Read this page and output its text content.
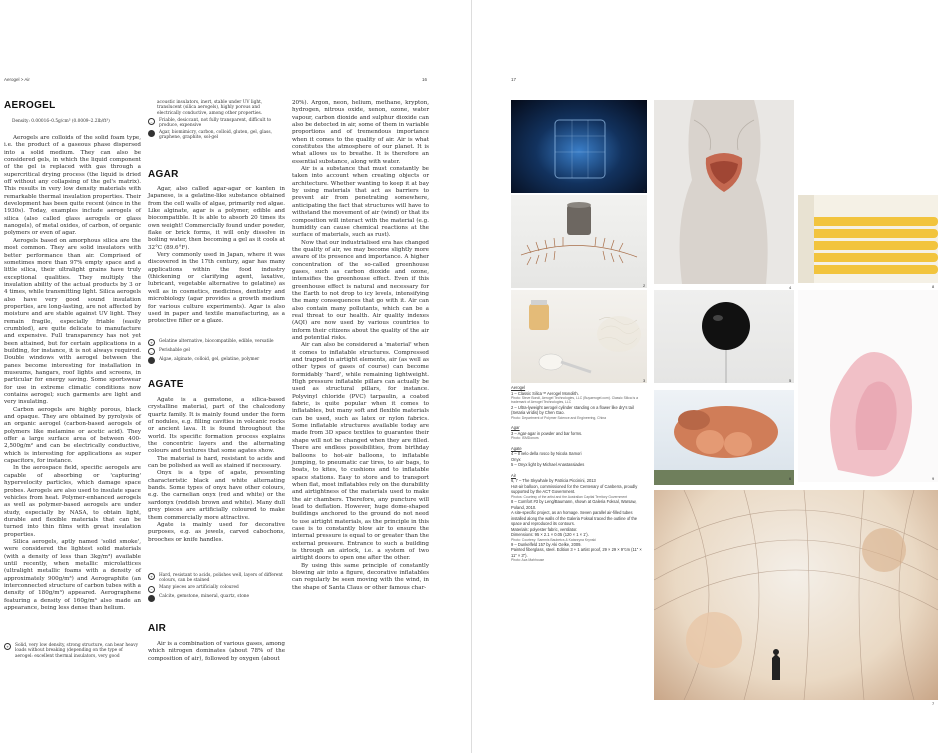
Aerogel > Air	16	17
AEROGEL
Density: 0.00016–0.5g/cm³ (0.0009–2.2lb/ft³)

Aerogels are colloids of the solid foam type, i.e. the product of a gaseous phase dispersed into a solid medium. They can also be considered gels, in which the liquid component of the gel is replaced with gas through a supercritical drying process (the liquid is dried off without any collapsing of the gel's matrix). This results in very low density materials with remarkable thermal insulation properties. Their development has been quite recent (since in the 1930s). Today, examples include aerogels of silica (also called glass aerogels or glass nanogels), of metal oxides, of carbon, of organic polymers or even of agar.

Aerogels based on amorphous silica are the most common. They are solid insulators with better performance than air. Comprised of sometimes more than 97% empty space and a little silica, their ultralight grains have truly exceptional qualities. They multiply the insulation ability of the actual products by 3 or 4 times, while transmitting light. Silica aerogels also have very good sound insulation properties, are long-lasting, are not affected by moisture and are stable against UV light. They remain fragile, especially friable (easily crumbled), are quite delicate to manufacture and expensive. Full transparency has not yet been attained, but for certain applications in a building, for instance, it is not always required. Double windows with aerogel between the panes become interesting for installation in museums, hangars, roof lights and screens, in particular for energy saving. Some sportswear for use in extreme climatic conditions now contains aerogel; such garments are light and very insulating.

Carbon aerogels are highly porous, black and opaque. They are obtained by pyrolysis of an organic aerogel (carbon-based aerogels of polymers like melamine or acetic acid). They offer a large surface area of between 400-2,500g/m² and can be electrically conductive, which is interesting for applications as super capacitors, for instance.

In the aerospace field, specific aerogels are capable of absorbing or 'capturing' hypervelocity particles, which damage space probes. Aerogels are also used to insulate space vehicles from heat. Polymer-enhanced aerogels as well as polymer-based aerogels are under study, especially by NASA, to obtain light, durable and flexible materials that can be turned into thin films with great insulation properties.

Silica aerogels, aptly named 'solid smoke', were considered the lightest solid materials (with a density of less than 3kg/m³) available until recently, when metallic microlattices (ultralight metallic foams with a density of approximately 900g/m³) and Aerographite (an interconnected structure of carbon tubes with a density of 180g/m³) appeared. Aerographene featuring a density of 160g/m³ also made an appearance, being less dense than helium.

+	Solid, very low density, strong structure, can bear heavy loads without breaking (depending on the type of aerogel: excellent thermal insulators, very good
acoustic insulators, inert, stable under UV light, translucent (silica aerogels), highly porous and electrically conductive, among other properties.
–	Friable, desiccant, not fully transparent, difficult to produce, expensive
Agar, biomimicry, carbon, colloid, gluten, gel, glass, graphene, graphite, sol-gel
AGAR

Agar, also called agar-agar or kanten in Japanese, is a gelatine-like substance obtained from the cell walls of algae, primarily red algae. Like alginate, agar is a polymer, edible and biocompatible. It is able to absorb 20 times its own weight! Commercially found under powder, flake or brick forms, it will only dissolve in boiling water, then becoming a gel as it cools at 32°C (89.6°F).

Very commonly used in Japan, where it was discovered in the 17th century, agar has many applications within the food industry (thickening or clarifying agent, laxative, lubricant, vegetable alternative to gelatine) as well as in cosmetics, medicines, dentistry and microbiology (agar provides a growth medium for various culture experiments). Agar is also used in paper and textile manufacturing, as a protective filler or a glaze.

+	Gelatine alternative, biocompatible, edible, versatile
–	Perishable gel
Algae, alginate, colloid, gel, gelatine, polymer
AGATE

Agate is a gemstone, a silica-based crystalline material, part of the chalcedony quartz family. It is mainly found under the form of nodules, e.g. filling cavities in volcanic rocks or ancient lava. It is found throughout the world. Its specific formation process explains the concentric layers and the alternating colours and textures that some agates show.

The material is hard, resistant to acids and can be polished as well as stained if necessary.

Onyx is a type of agate, presenting characteristic black and white alternating bands. Some types of onyx have other colours, e.g. the carnelian onyx (red and white) or the sardonyx (reddish brown and white). Many dull grey pieces are artificially coloured to make them commercially more attractive.

Agate is mainly used for decorative purposes, e.g. as jewels, carved cabochons, brooches or knife handles.

+	Hard, resistant to acids, polishes well, layers of different colours, can be stained
–	Many pieces are artificially coloured
Calcite, gemstone, mineral, quartz, stone
AIR

Air is a combination of various gases, among which nitrogen dominates (about 78% of the composition of air), followed by oxygen (about

20%). Argon, neon, helium, methane, krypton, hydrogen, nitrous oxide, xenon, ozone, water vapour, carbon dioxide and sulphur dioxide can also be detected in air, some of them in variable proportions and of tremendous importance when it comes to the quality of air. Air is what constitutes the atmosphere of our planet. It is what allows us to breathe. It is therefore an essential substance, along with water.

Air is a substance that must constantly be taken into account when creating objects or architecture. Whether wanting to keep it at bay by using materials that act as barriers to prevent air from penetrating somewhere, anticipating the fact that structures will have to withstand the movement of air (wind) or that its composition will interact with the material (e.g. humidity can cause chemical reactions at the surface of materials, such as rust).

Now that our industrialised era has changed the quality of air, we may become slightly more aware of its presence and importance. A higher concentration of the so-called greenhouse gases, such as carbon dioxide and ozone, intensifies the greenhouse effect. Even if this greenhouse effect is natural and necessary for the Earth to not drop to icy levels, intensifying the many consequences that go with it. Air can also contain many pollutants, which can be a real threat to our health. Air quality indexes (AQI) are now used by various countries to inform their citizens about the quality of the air and potential risks.

Air can also be considered a 'material' when it comes to inflatable structures. Compressed and trapped in airtight elements, air (as well as other types of gases of course) can become formidably 'hard', while remaining lightweight. High pressure inflatable pillars can actually be used as structural pillars, for instance. Polyvinyl chloride (PVC) tarpaulin, a coated fabric, is quite popular when it comes to inflatables, but many soft and flexible materials can be used, such as latex or nylon fabrics. Some inflatable structures available today are made from 3D space textiles to guarantee their shape will not be changed when they are filled. There are endless possibilities, from birthday balloons to hot-air balloons, to inflatable jumping, to pneumatic car tires, to air bags, to boats, to kites, to cushions and to inflatable space stations. Easy to store and to transport when flat, most inflatables rely on the durability and airtightness of the materials used to make the air chambers. Therefore, any puncture will lead to deflation. However, huge dome-shaped buildings anchored to the ground do not need to use airtight materials, as the principle in this case is to constantly blow air to ensure the internal pressure is equal to or greater than the external pressure. Entrance to such a building is through an airlock, i.e. a system of two airtight doors to open one after the other.

By using this same principle of constantly blowing air into a figure, decorative inflatables can regularly be seen moving with the wind, in the shape of Santa Claus or other famous char-

1
2
3
4
5
6
7
8
9
Aerogel
1 – Classic Silica™ Aerogel Monolith.
Photo: Steve Bondi, Aerogel Technologies, LLC (Buyaerogel.com). Classic Silica is a trademark of Aerogel Technologies, LLC
2 – Ultra-lyweight aerogel cylinder standing on a flower like dry's tail (Setaria viridis) by Chen Gao.
Photo: Department of Polymer Science and Engineering, China
Agar
3 – Agar-agar in powder and bar forms.
Photo: ISMDonors
Agate
4 – Il velo della rosco by Nicola Samori
Onyx
5 – Onyx light by Michael Anastassiades
Air
6, 7 – The Skywhale by Patricia Piccinini, 2013
Hot-air balloon, commissioned for the Centenary of Canberra, proudly supported by the ACT Government.
Photos: Courtesy of the artist and the Australian Capital Territory Government
8 – Comfort #3 by Leng/Baumann, shown at Galeria Foksal, Warsaw, Poland, 2010.
A site-specific project, as an homage. Seven parallel air-filled tubes installed along the walls of the Galeria Foksal traced the outline of the space and reproduced its contours.
Materials: polyester fabric, ventilator.
Dimensions: 95 × 2.1 × 0.05 (120 × 1 × 1').
Photo: Courtesy: Sammis Baubetcs & Katarzyna Krynski
9 – Dunkelfeld 157 by Aki Gelke, 2009.
Painted fiberglass, steel. Edition 3 + 1 artist proof, 29 × 29 × 9"cm (11" × 11" × 3").
Photo: Aza Mahhouse
